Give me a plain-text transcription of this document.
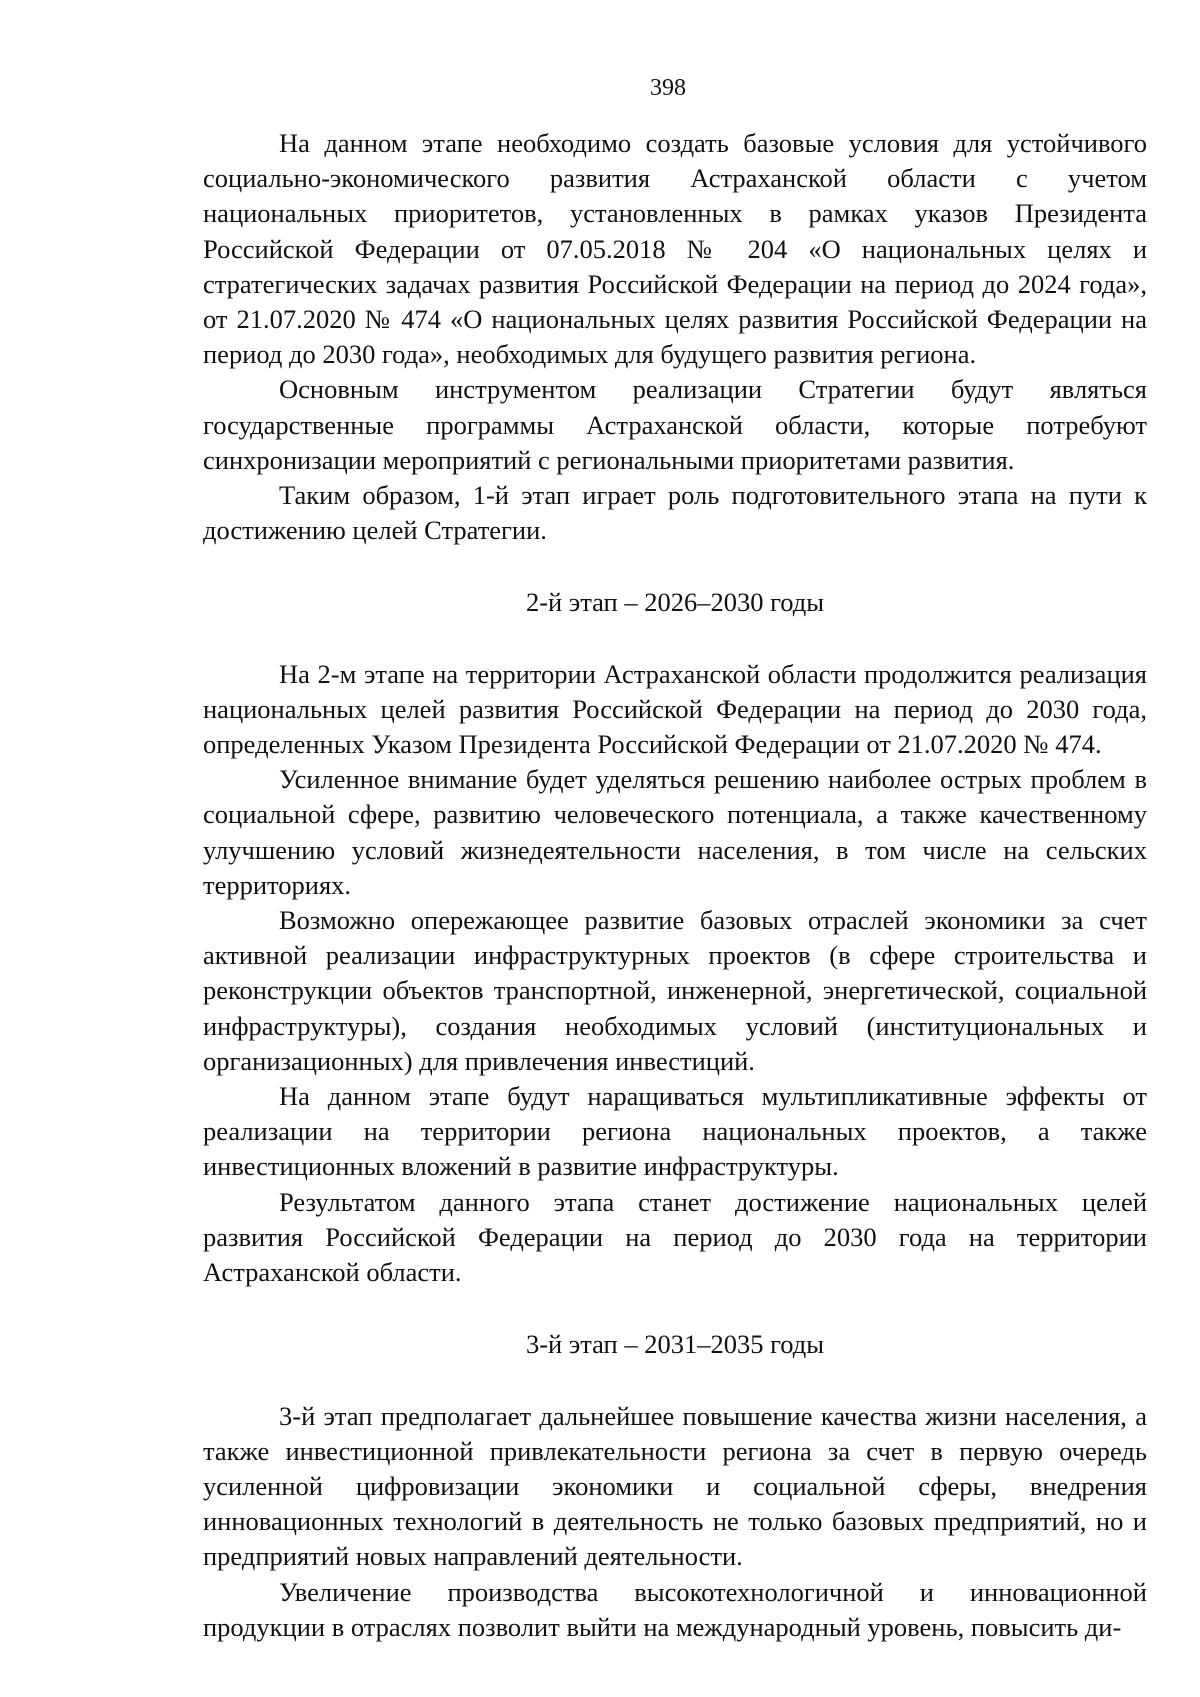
398

На данном этапе необходимо создать базовые условия для устойчивого социально-экономического развития Астраханской области с учетом национальных приоритетов, установленных в рамках указов Президента Российской Федерации от 07.05.2018 № 204 «О национальных целях и стратегических задачах развития Российской Федерации на период до 2024 года», от 21.07.2020 № 474 «О национальных целях развития Российской Федерации на период до 2030 года», необходимых для будущего развития региона.

Основным инструментом реализации Стратегии будут являться государственные программы Астраханской области, которые потребуют синхронизации мероприятий с региональными приоритетами развития.

Таким образом, 1-й этап играет роль подготовительного этапа на пути к достижению целей Стратегии.

2-й этап – 2026–2030 годы

На 2-м этапе на территории Астраханской области продолжится реализация национальных целей развития Российской Федерации на период до 2030 года, определенных Указом Президента Российской Федерации от 21.07.2020 № 474.

Усиленное внимание будет уделяться решению наиболее острых проблем в социальной сфере, развитию человеческого потенциала, а также качественному улучшению условий жизнедеятельности населения, в том числе на сельских территориях.

Возможно опережающее развитие базовых отраслей экономики за счет активной реализации инфраструктурных проектов (в сфере строительства и реконструкции объектов транспортной, инженерной, энергетической, социальной инфраструктуры), создания необходимых условий (институциональных и организационных) для привлечения инвестиций.

На данном этапе будут наращиваться мультипликативные эффекты от реализации на территории региона национальных проектов, а также инвестиционных вложений в развитие инфраструктуры.

Результатом данного этапа станет достижение национальных целей развития Российской Федерации на период до 2030 года на территории Астраханской области.

3-й этап – 2031–2035 годы

3-й этап предполагает дальнейшее повышение качества жизни населения, а также инвестиционной привлекательности региона за счет в первую очередь усиленной цифровизации экономики и социальной сферы, внедрения инновационных технологий в деятельность не только базовых предприятий, но и предприятий новых направлений деятельности.

Увеличение производства высокотехнологичной и инновационной продукции в отраслях позволит выйти на международный уровень, повысить ди-
